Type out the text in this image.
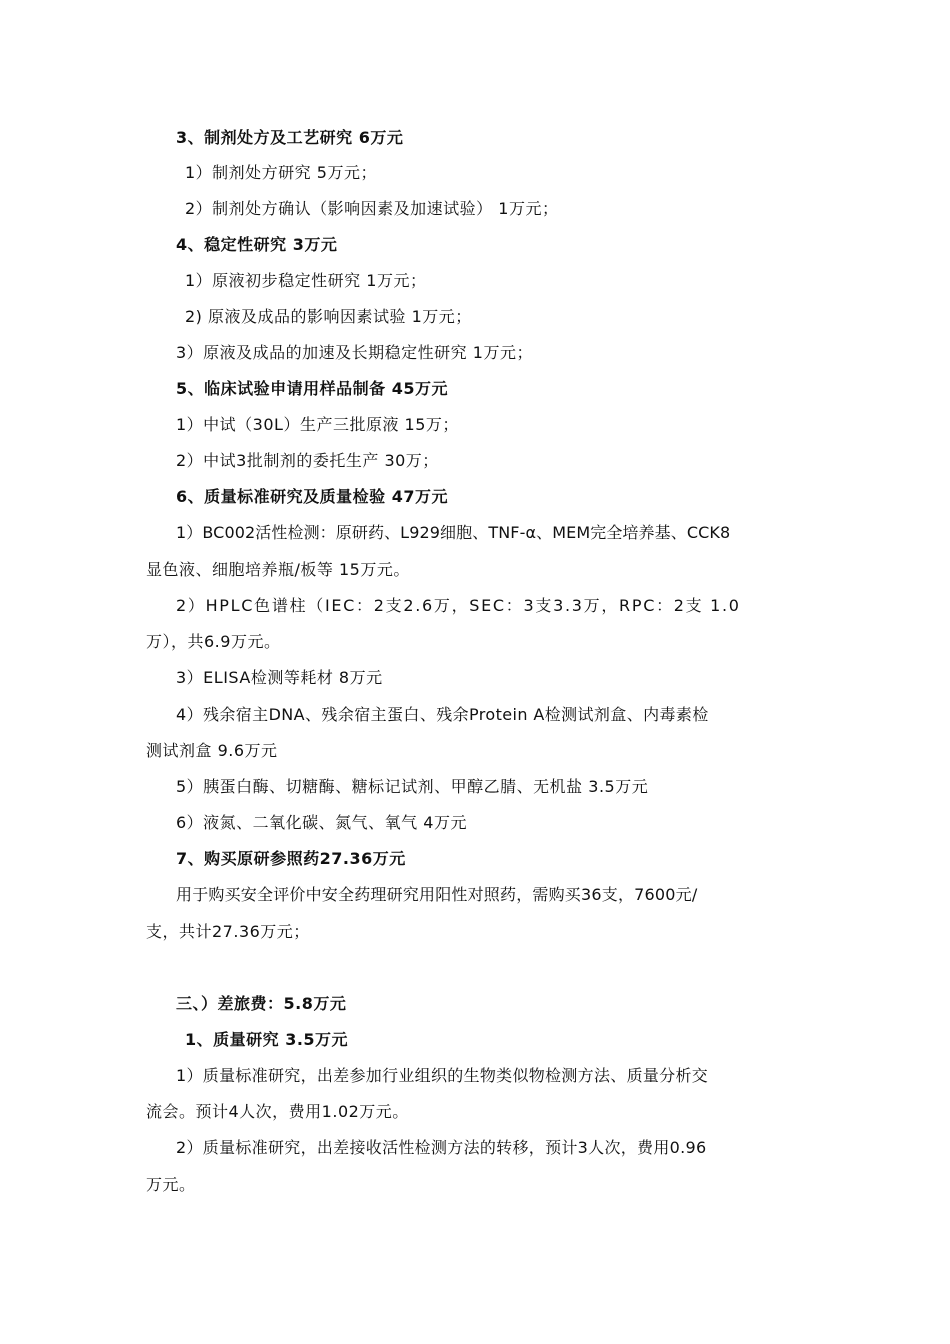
3、制剂处方及工艺研究 6万元
1）制剂处方研究 5万元；
2）制剂处方确认（影响因素及加速试验） 1万元；
4、稳定性研究 3万元
1）原液初步稳定性研究 1万元；
2) 原液及成品的影响因素试验 1万元；
3）原液及成品的加速及长期稳定性研究 1万元；
5、临床试验申请用样品制备 45万元
1）中试（30L）生产三批原液 15万；
2）中试3批制剂的委托生产 30万；
6、质量标准研究及质量检验 47万元
1）BC002活性检测：原研药、L929细胞、TNF-α、MEM完全培养基、CCK8
显色液、细胞培养瓶/板等 15万元。
2）HPLC色谱柱（IEC：2支2.6万，SEC：3支3.3万，RPC：2支 1.0
万），共6.9万元。
3）ELISA检测等耗材 8万元
4）残余宿主DNA、残余宿主蛋白、残余Protein A检测试剂盒、内毒素检
测试剂盒 9.6万元
5）胰蛋白酶、切糖酶、糖标记试剂、甲醇乙腈、无机盐 3.5万元
6）液氮、二氧化碳、氮气、氧气 4万元
7、购买原研参照药27.36万元
用于购买安全评价中安全药理研究用阳性对照药，需购买36支，7600元/
支，共计27.36万元；
三、）差旅费：5.8万元
1、质量研究 3.5万元
1）质量标准研究，出差参加行业组织的生物类似物检测方法、质量分析交
流会。预计4人次，费用1.02万元。
2）质量标准研究，出差接收活性检测方法的转移，预计3人次，费用0.96
万元。
